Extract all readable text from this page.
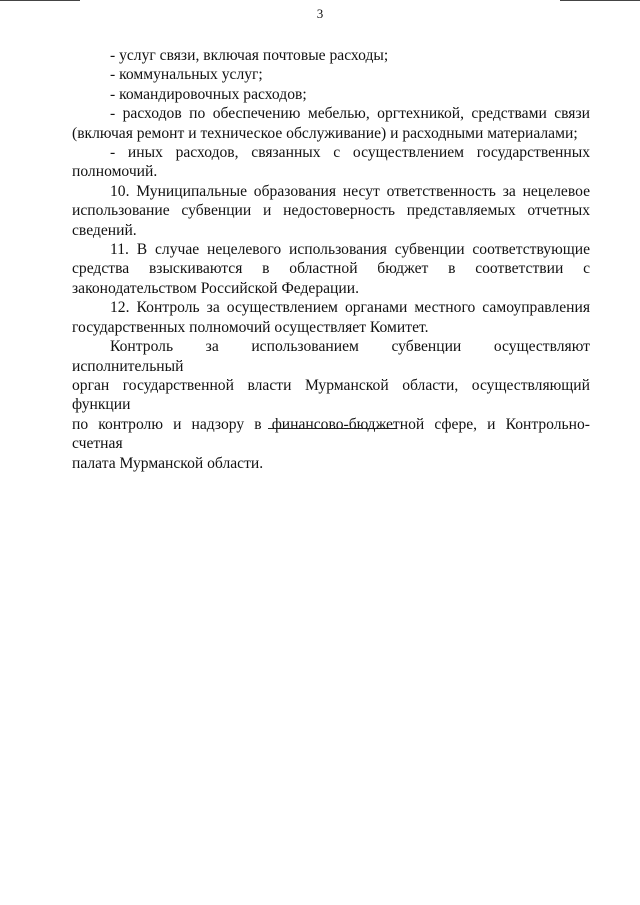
3

- услуг связи, включая почтовые расходы;

- коммунальных услуг;

- командировочных расходов;

- расходов по обеспечению мебелью, оргтехникой, средствами связи

(включая ремонт и техническое обслуживание) и расходными материалами;

- иных расходов, связанных с осуществлением государственных

полномочий.

10. Муниципальные образования несут ответственность за нецелевое

использование субвенции и недостоверность представляемых отчетных

сведений.

11. В случае нецелевого использования субвенции соответствующие

средства взыскиваются в областной бюджет в соответствии с

законодательством Российской Федерации.

12. Контроль за осуществлением органами местного самоуправления

государственных полномочий осуществляет Комитет.

Контроль за использованием субвенции осуществляют исполнительный

орган государственной власти Мурманской области, осуществляющий функции

по контролю и надзору в финансово-бюджетной сфере, и Контрольно-счетная

палата Мурманской области.
